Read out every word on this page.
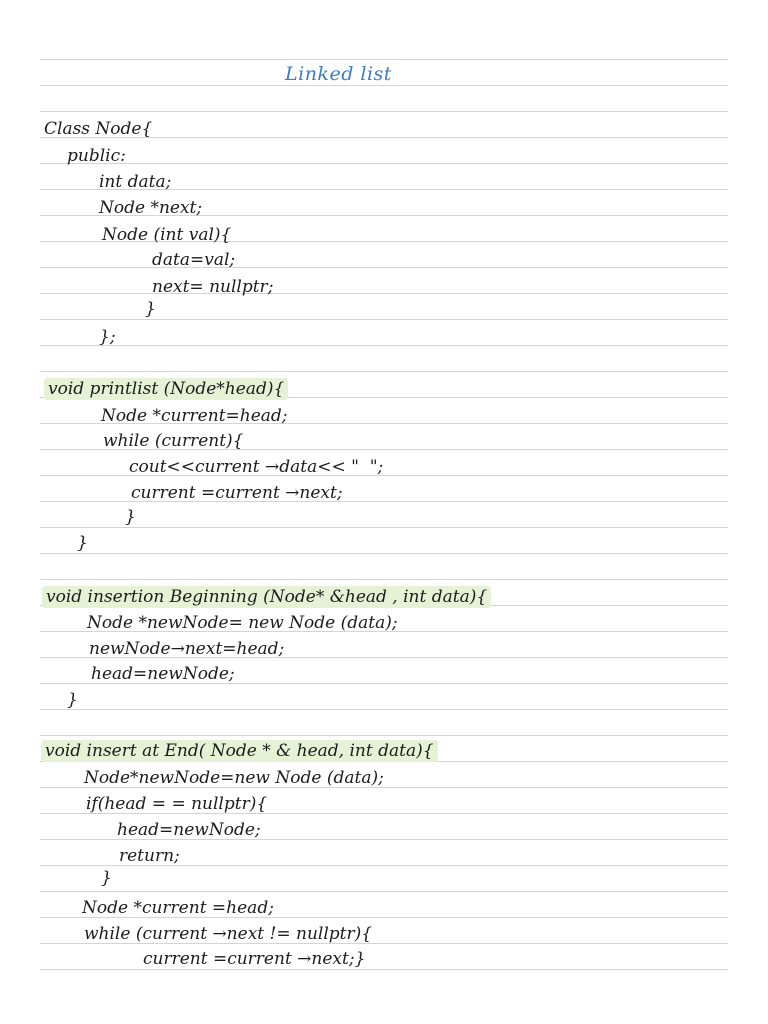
Linked list
Class Node{
public:
int data;
Node *next;
Node (int val){
data=val;
next= nullptr;
}
};
void printlist (Node*head){
Node *current=head;
while (current){
cout<<current →data<< "  ";
current =current →next;
}
}
void insertion Beginning (Node* &head , int data){
Node *newNode= new Node (data);
newNode→next=head;
head=newNode;
}
void insert at End( Node * & head, int data){
Node*newNode=new Node (data);
if(head = = nullptr){
head=newNode;
return;
}
Node *current =head;
while (current →next != nullptr){
current =current →next;}
